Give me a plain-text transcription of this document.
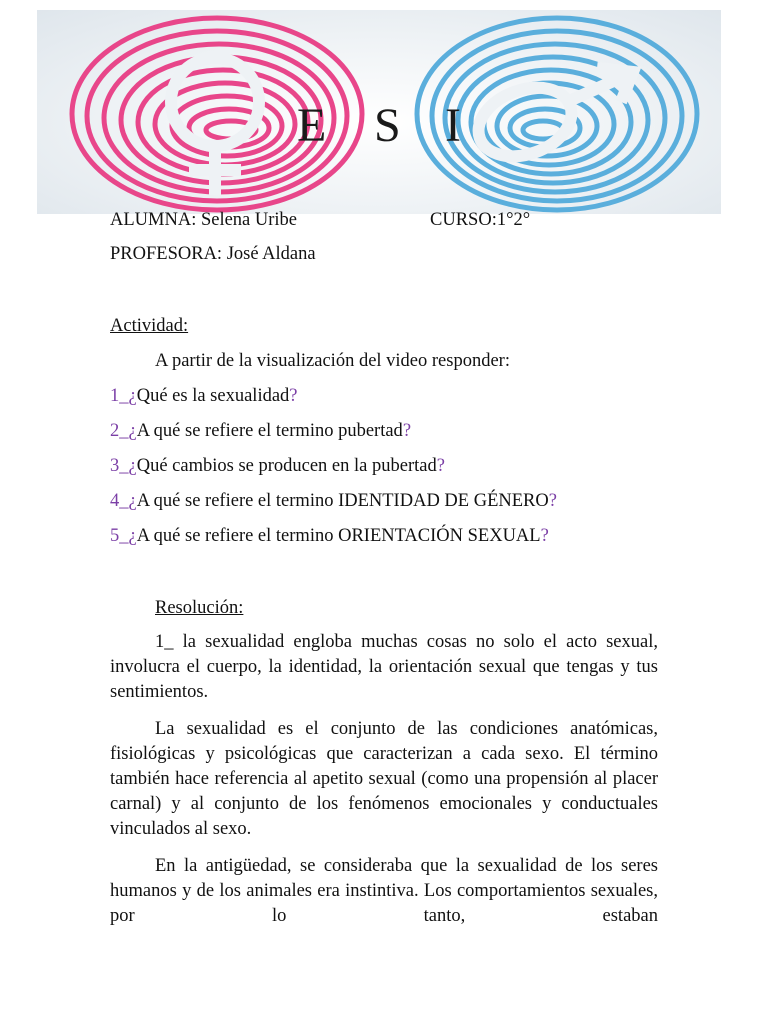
E S I
ALUMNA: Selena Uribe	CURSO:1°2°
PROFESORA: José Aldana
Actividad:
A partir de la visualización del video responder:
1_¿Qué es la sexualidad?
2_¿A qué se refiere el termino pubertad?
3_¿Qué cambios se producen en la pubertad?
4_¿A qué se refiere el termino IDENTIDAD DE GÉNERO?
5_¿A qué se refiere el termino ORIENTACIÓN SEXUAL?
Resolución:
1_ la sexualidad engloba muchas cosas no solo el acto sexual, involucra el cuerpo, la identidad, la orientación sexual que tengas y tus sentimientos.
La sexualidad es el conjunto de las condiciones anatómicas, fisiológicas y psicológicas que caracterizan a cada sexo. El término también hace referencia al apetito sexual (como una propensión al placer carnal) y al conjunto de los fenómenos emocionales y conductuales vinculados al sexo.
En la antigüedad, se consideraba que la sexualidad de los seres humanos y de los animales era instintiva. Los comportamientos sexuales, por lo tanto, estaban
